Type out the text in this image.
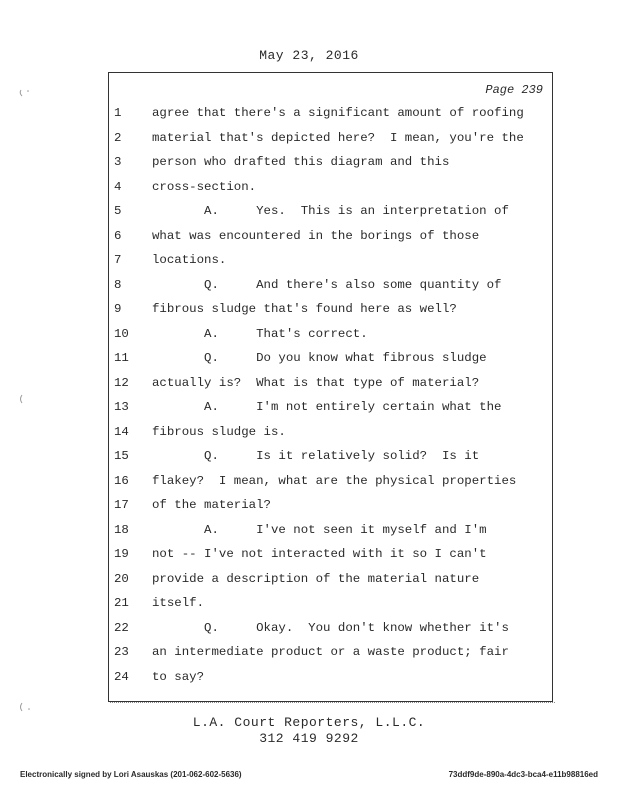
May 23, 2016
Page 239
1	agree that there's a significant amount of roofing
2	material that's depicted here?  I mean, you're the
3	person who drafted this diagram and this
4	cross-section.
5	A.     Yes.  This is an interpretation of
6	what was encountered in the borings of those
7	locations.
8	Q.     And there's also some quantity of
9	fibrous sludge that's found here as well?
10	A.     That's correct.
11	Q.     Do you know what fibrous sludge
12	actually is?  What is that type of material?
13	A.     I'm not entirely certain what the
14	fibrous sludge is.
15	Q.     Is it relatively solid?  Is it
16	flakey?  I mean, what are the physical properties
17	of the material?
18	A.     I've not seen it myself and I'm
19	not -- I've not interacted with it so I can't
20	provide a description of the material nature
21	itself.
22	Q.     Okay.  You don't know whether it's
23	an intermediate product or a waste product; fair
24	to say?
L.A. Court Reporters, L.L.C.
312 419 9292
Electronically signed by Lori Asauskas (201-062-602-5636)	73ddf9de-890a-4dc3-bca4-e11b98816ed
